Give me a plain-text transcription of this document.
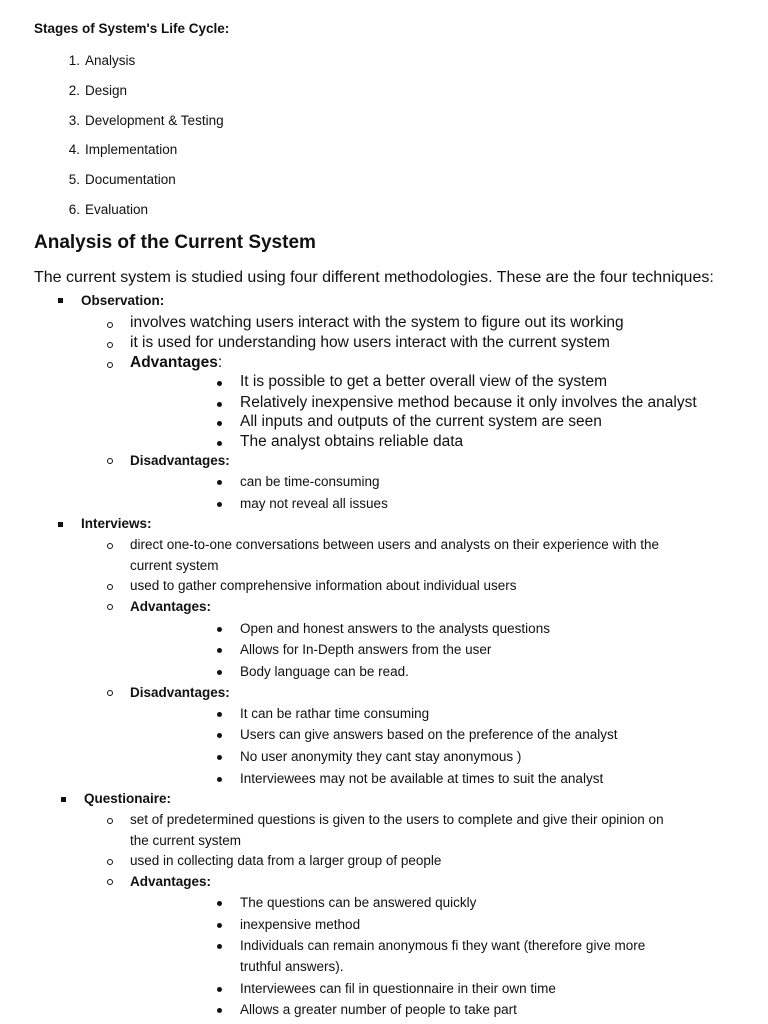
Stages of System's Life Cycle:
Analysis of the Current System
The current system is studied using four different methodologies. These are the four techniques:
1. Analysis
2. Design
3. Development & Testing
4. Implementation
5. Documentation
6. Evaluation
Observation:
involves watching users interact with the system to figure out its working
it is used for understanding how users interact with the current system
Advantages:
It is possible to get a better overall view of the system
Relatively inexpensive method because it only involves the analyst
All inputs and outputs of the current system are seen
The analyst obtains reliable data
Disadvantages:
can be time-consuming
may not reveal all issues
Interviews:
direct one-to-one conversations between users and analysts on their experience with the
current system
used to gather comprehensive information about individual users
Advantages:
Open and honest answers to the analysts questions
Allows for In-Depth answers from the user
Body language can be read.
Disadvantages:
It can be rathar time consuming
Users can give answers based on the preference of the analyst
No user anonymity they cant stay anonymous )
Interviewees may not be available at times to suit the analyst
Questionaire:
set of predetermined questions is given to the users to complete and give their opinion on
the current system
used in collecting data from a larger group of people
Advantages:
The questions can be answered quickly
inexpensive method
Individuals can remain anonymous fi they want (therefore give more
truthful answers).
Interviewees can fil in questionnaire in their own time
Allows a greater number of people to take part
